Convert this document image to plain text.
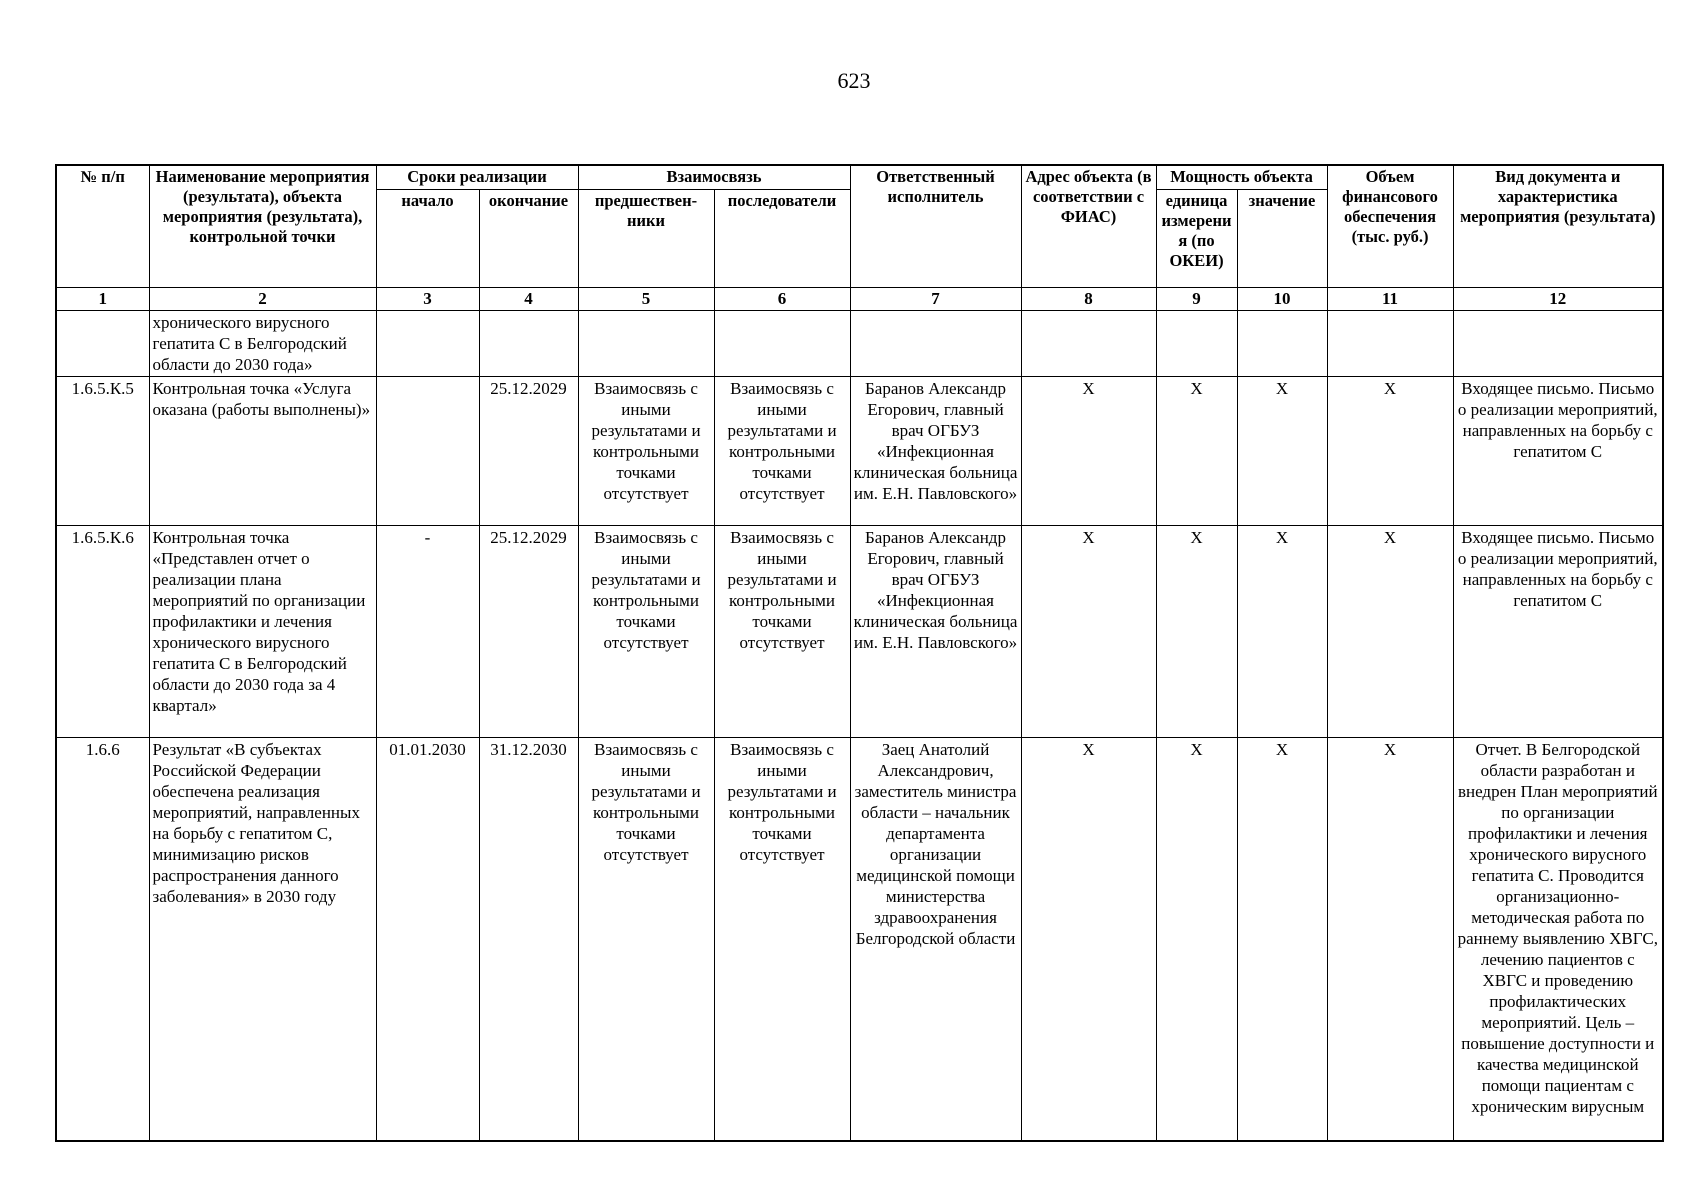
623
№ п/п	Наименование мероприятия (результата), объекта мероприятия (результата), контрольной точки	Сроки реализации		Взаимосвязь		Ответственный исполнитель	Адрес объекта (в соответствии с ФИАС)	Мощность объекта		Объем финансового обеспечения (тыс. руб.)	Вид документа и характеристика мероприятия (результата)
		начало	окончание	предшествен-ники	последователи			единица измерени я (по ОКЕИ)	значение		
1	2	3	4	5	6	7	8	9	10	11	12
	хронического вирусного гепатита С в Белгородский области до 2030 года»										
1.6.5.К.5	Контрольная точка «Услуга оказана (работы выполнены)»		25.12.2029	Взаимосвязь с иными результатами и контрольными точками отсутствует	Взаимосвязь с иными результатами и контрольными точками отсутствует	Баранов Александр Егорович, главный врач ОГБУЗ «Инфекционная клиническая больница им. Е.Н. Павловского»	X	X	X	X	Входящее письмо. Письмо о реализации мероприятий, направленных на борьбу с гепатитом С
1.6.5.К.6	Контрольная точка «Представлен отчет о реализации плана мероприятий по организации профилактики и лечения хронического вирусного гепатита С в Белгородский области до 2030 года за 4 квартал»	-	25.12.2029	Взаимосвязь с иными результатами и контрольными точками отсутствует	Взаимосвязь с иными результатами и контрольными точками отсутствует	Баранов Александр Егорович, главный врач ОГБУЗ «Инфекционная клиническая больница им. Е.Н. Павловского»	X	X	X	X	Входящее письмо. Письмо о реализации мероприятий, направленных на борьбу с гепатитом С
1.6.6	Результат «В субъектах Российской Федерации обеспечена реализация мероприятий, направленных на борьбу с гепатитом С, минимизацию рисков распространения данного заболевания» в 2030 году	01.01.2030	31.12.2030	Взаимосвязь с иными результатами и контрольными точками отсутствует	Взаимосвязь с иными результатами и контрольными точками отсутствует	Заец Анатолий Александрович, заместитель министра области – начальник департамента организации медицинской помощи министерства здравоохранения Белгородской области	X	X	X	X	Отчет. В Белгородской области разработан и внедрен План мероприятий по организации профилактики и лечения хронического вирусного гепатита С. Проводится организационно-методическая работа по раннему выявлению ХВГС, лечению пациентов с ХВГС и проведению профилактических мероприятий. Цель – повышение доступности и качества медицинской помощи пациентам с хроническим вирусным
